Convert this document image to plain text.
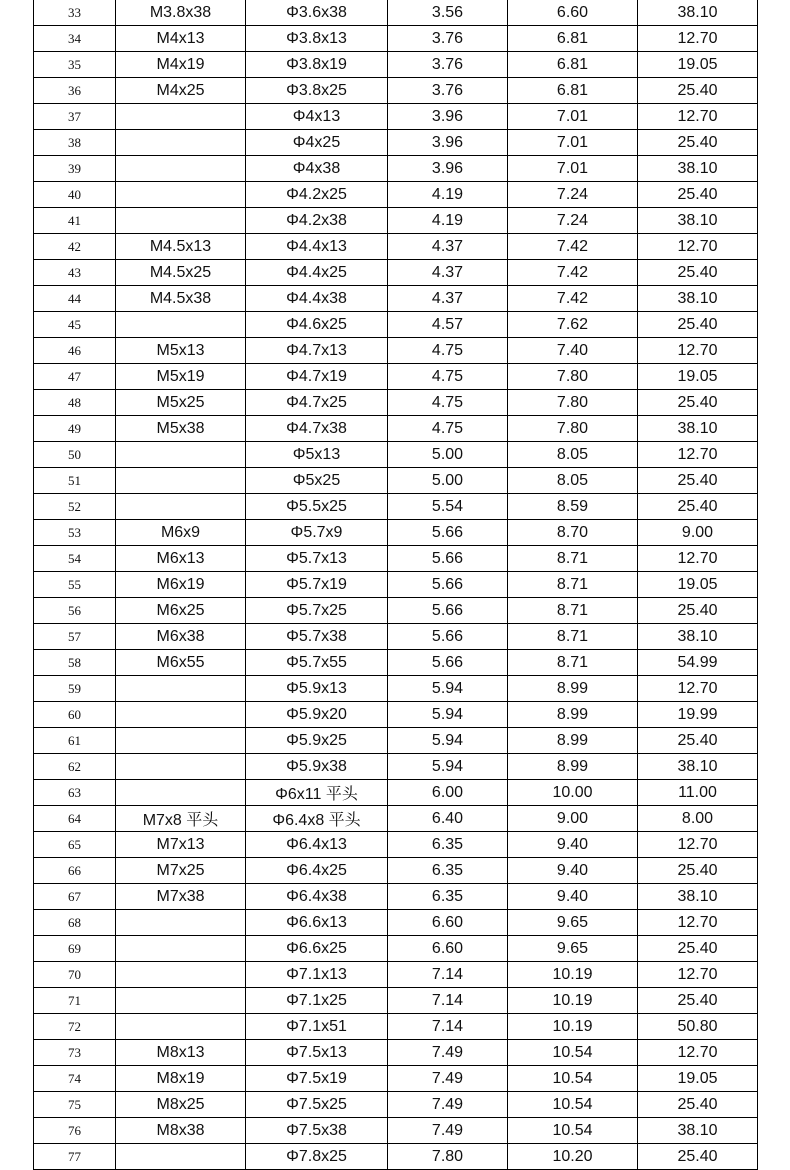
33	M3.8x38	Φ3.6x38	3.56	6.60	38.10
34	M4x13	Φ3.8x13	3.76	6.81	12.70
35	M4x19	Φ3.8x19	3.76	6.81	19.05
36	M4x25	Φ3.8x25	3.76	6.81	25.40
37		Φ4x13	3.96	7.01	12.70
38		Φ4x25	3.96	7.01	25.40
39		Φ4x38	3.96	7.01	38.10
40		Φ4.2x25	4.19	7.24	25.40
41		Φ4.2x38	4.19	7.24	38.10
42	M4.5x13	Φ4.4x13	4.37	7.42	12.70
43	M4.5x25	Φ4.4x25	4.37	7.42	25.40
44	M4.5x38	Φ4.4x38	4.37	7.42	38.10
45		Φ4.6x25	4.57	7.62	25.40
46	M5x13	Φ4.7x13	4.75	7.40	12.70
47	M5x19	Φ4.7x19	4.75	7.80	19.05
48	M5x25	Φ4.7x25	4.75	7.80	25.40
49	M5x38	Φ4.7x38	4.75	7.80	38.10
50		Φ5x13	5.00	8.05	12.70
51		Φ5x25	5.00	8.05	25.40
52		Φ5.5x25	5.54	8.59	25.40
53	M6x9	Φ5.7x9	5.66	8.70	9.00
54	M6x13	Φ5.7x13	5.66	8.71	12.70
55	M6x19	Φ5.7x19	5.66	8.71	19.05
56	M6x25	Φ5.7x25	5.66	8.71	25.40
57	M6x38	Φ5.7x38	5.66	8.71	38.10
58	M6x55	Φ5.7x55	5.66	8.71	54.99
59		Φ5.9x13	5.94	8.99	12.70
60		Φ5.9x20	5.94	8.99	19.99
61		Φ5.9x25	5.94	8.99	25.40
62		Φ5.9x38	5.94	8.99	38.10
63		Φ6x11 平头	6.00	10.00	11.00
64	M7x8 平头	Φ6.4x8 平头	6.40	9.00	8.00
65	M7x13	Φ6.4x13	6.35	9.40	12.70
66	M7x25	Φ6.4x25	6.35	9.40	25.40
67	M7x38	Φ6.4x38	6.35	9.40	38.10
68		Φ6.6x13	6.60	9.65	12.70
69		Φ6.6x25	6.60	9.65	25.40
70		Φ7.1x13	7.14	10.19	12.70
71		Φ7.1x25	7.14	10.19	25.40
72		Φ7.1x51	7.14	10.19	50.80
73	M8x13	Φ7.5x13	7.49	10.54	12.70
74	M8x19	Φ7.5x19	7.49	10.54	19.05
75	M8x25	Φ7.5x25	7.49	10.54	25.40
76	M8x38	Φ7.5x38	7.49	10.54	38.10
77		Φ7.8x25	7.80	10.20	25.40
